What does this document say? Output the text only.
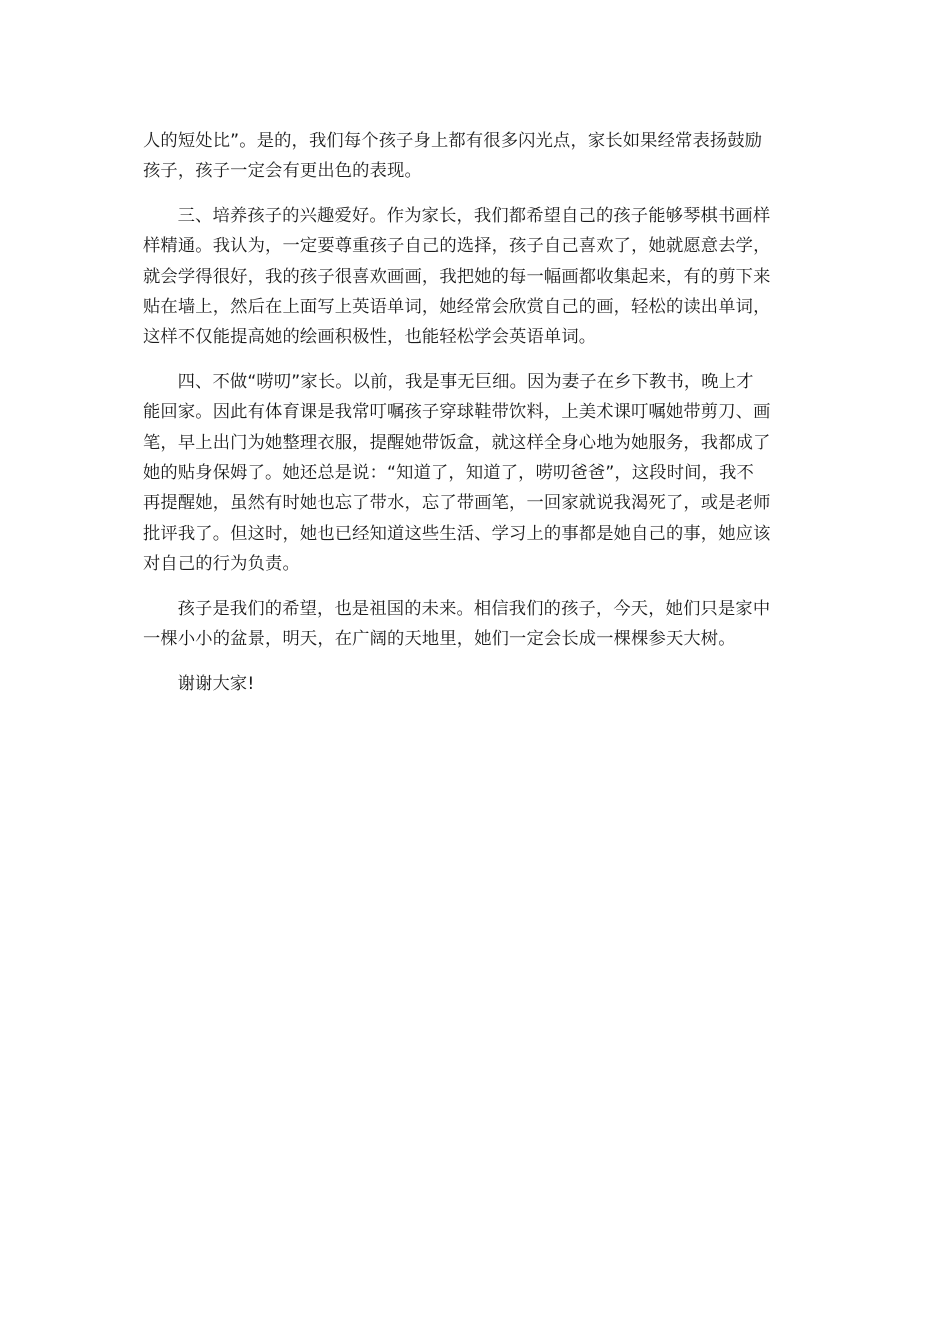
人的短处比”。是的，我们每个孩子身上都有很多闪光点，家长如果经常表扬鼓励
孩子，孩子一定会有更出色的表现。

三、培养孩子的兴趣爱好。作为家长，我们都希望自己的孩子能够琴棋书画样
样精通。我认为，一定要尊重孩子自己的选择，孩子自己喜欢了，她就愿意去学，
就会学得很好，我的孩子很喜欢画画，我把她的每一幅画都收集起来，有的剪下来
贴在墙上，然后在上面写上英语单词，她经常会欣赏自己的画，轻松的读出单词，
这样不仅能提高她的绘画积极性，也能轻松学会英语单词。

四、不做“唠叨”家长。以前，我是事无巨细。因为妻子在乡下教书，晚上才
能回家。因此有体育课是我常叮嘱孩子穿球鞋带饮料，上美术课叮嘱她带剪刀、画
笔，早上出门为她整理衣服，提醒她带饭盒，就这样全身心地为她服务，我都成了
她的贴身保姆了。她还总是说：“知道了，知道了，唠叨爸爸”，这段时间，我不
再提醒她，虽然有时她也忘了带水，忘了带画笔，一回家就说我渴死了，或是老师
批评我了。但这时，她也已经知道这些生活、学习上的事都是她自己的事，她应该
对自己的行为负责。

孩子是我们的希望，也是祖国的未来。相信我们的孩子，今天，她们只是家中
一棵小小的盆景，明天，在广阔的天地里，她们一定会长成一棵棵参天大树。

谢谢大家!
